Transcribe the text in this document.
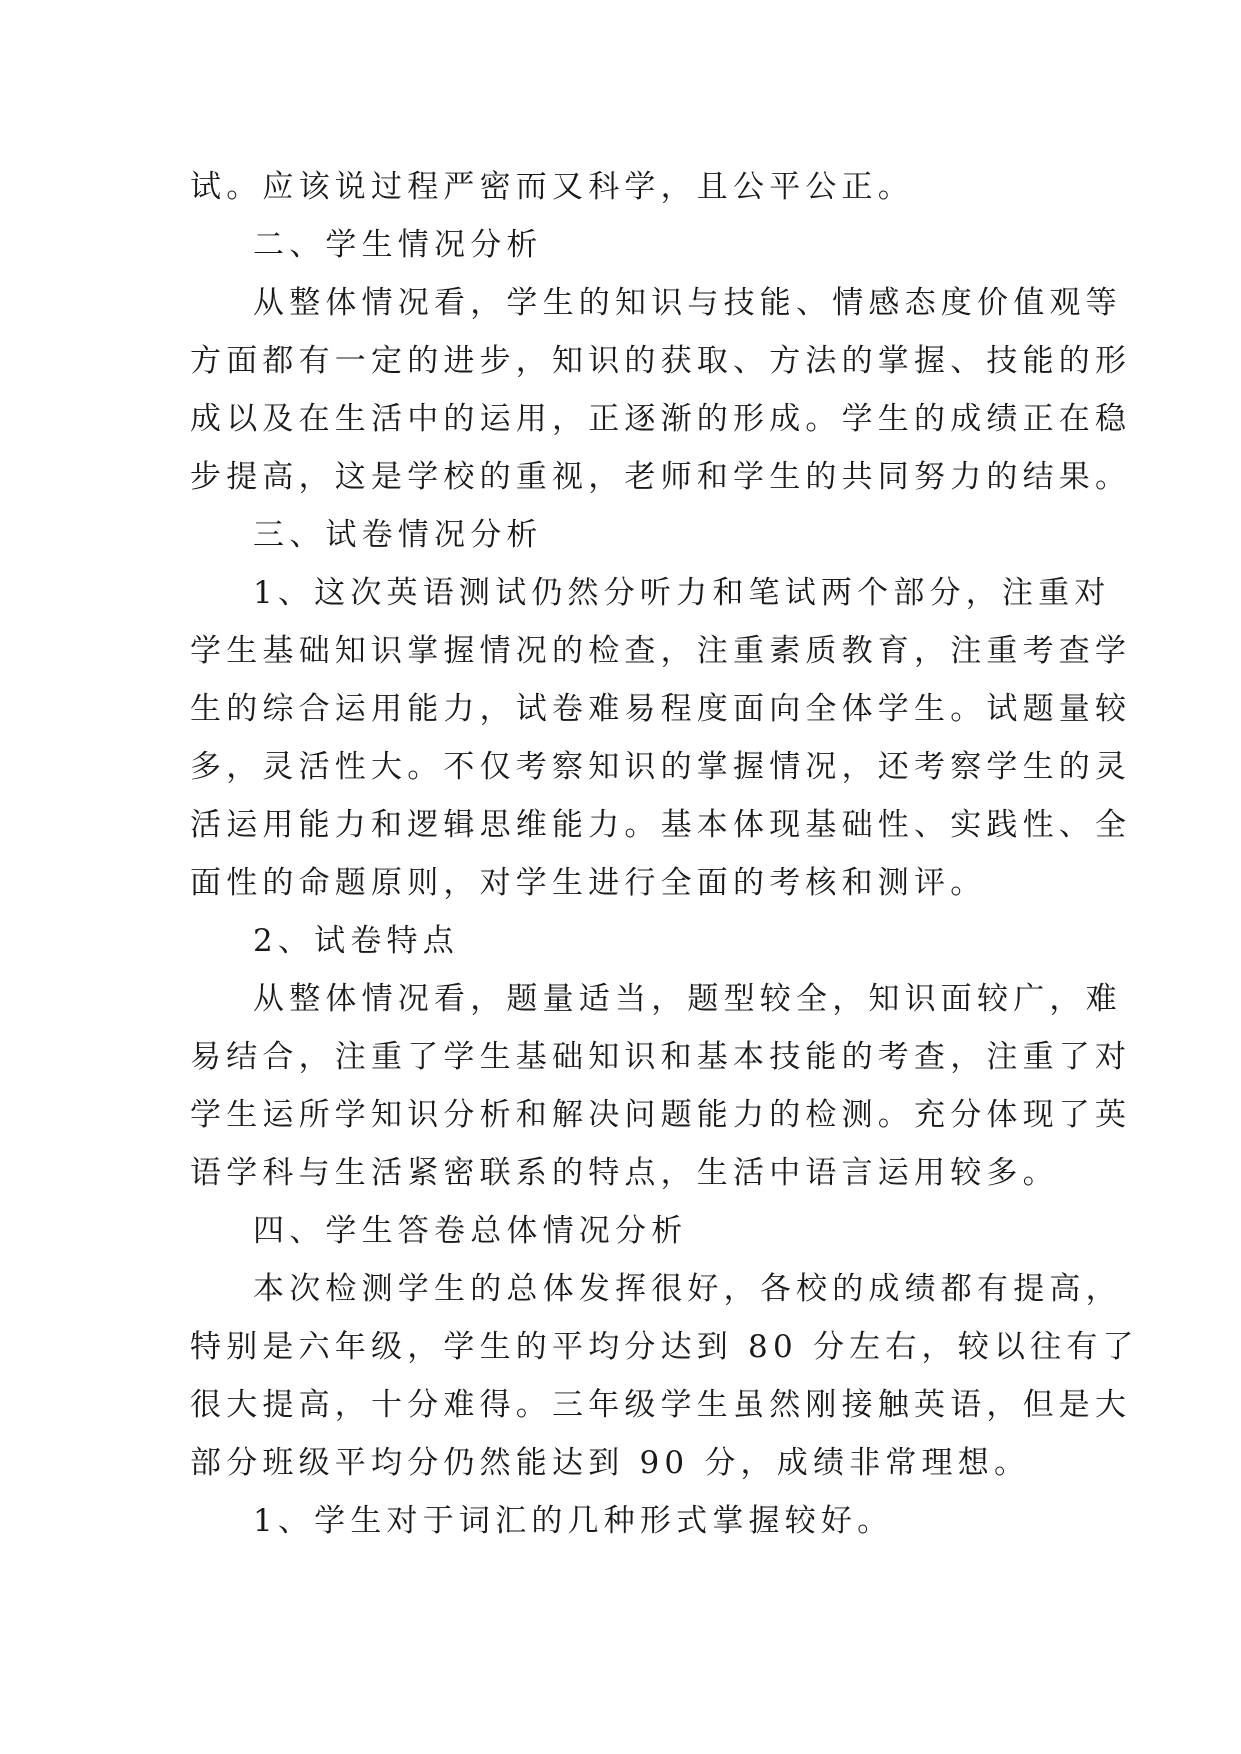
试。应该说过程严密而又科学，且公平公正。
二、学生情况分析
从整体情况看，学生的知识与技能、情感态度价值观等
方面都有一定的进步，知识的获取、方法的掌握、技能的形
成以及在生活中的运用，正逐渐的形成。学生的成绩正在稳
步提高，这是学校的重视，老师和学生的共同努力的结果。
三、试卷情况分析
1、这次英语测试仍然分听力和笔试两个部分，注重对
学生基础知识掌握情况的检查，注重素质教育，注重考查学
生的综合运用能力，试卷难易程度面向全体学生。试题量较
多，灵活性大。不仅考察知识的掌握情况，还考察学生的灵
活运用能力和逻辑思维能力。基本体现基础性、实践性、全
面性的命题原则，对学生进行全面的考核和测评。
2、试卷特点
从整体情况看，题量适当，题型较全，知识面较广，难
易结合，注重了学生基础知识和基本技能的考查，注重了对
学生运所学知识分析和解决问题能力的检测。充分体现了英
语学科与生活紧密联系的特点，生活中语言运用较多。
四、学生答卷总体情况分析
本次检测学生的总体发挥很好，各校的成绩都有提高，
特别是六年级，学生的平均分达到 80 分左右，较以往有了
很大提高，十分难得。三年级学生虽然刚接触英语，但是大
部分班级平均分仍然能达到 90 分，成绩非常理想。
1、学生对于词汇的几种形式掌握较好。
